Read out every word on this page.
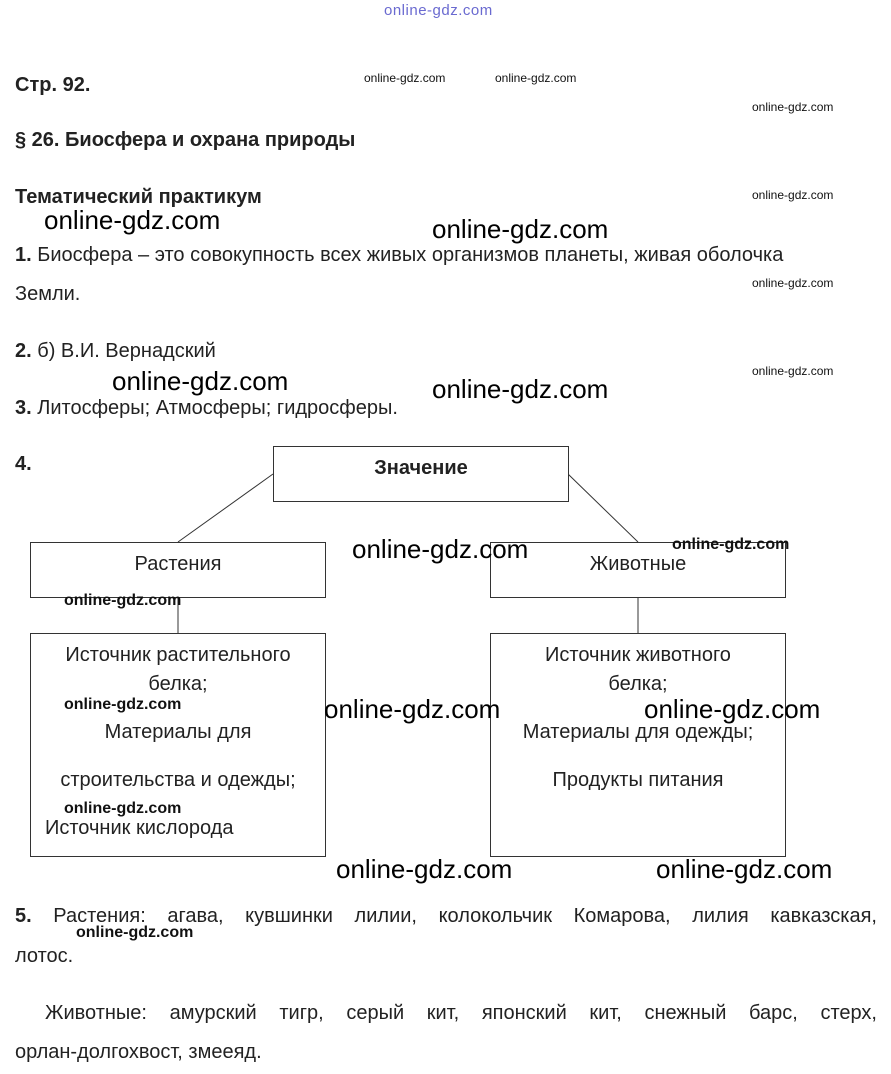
online-gdz.com
Стр. 92.
§ 26. Биосфера и охрана природы
Тематический практикум
1. Биосфера – это совокупность всех живых организмов планеты, живая оболочка
Земли.
2. б) В.И. Вернадский
3. Литосферы; Атмосферы; гидросферы.
4.	Значение
Растения	Животные
Источник растительного
белка;
Материалы для
строительства и одежды;
Источник кислорода
Источник животного
белка;
Материалы для одежды;
Продукты питания
5. Растения: агава, кувшинки лилии, колокольчик Комарова, лилия кавказская,
лотос.
Животные: амурский тигр, серый кит, японский кит, снежный барс, стерх,
орлан-долгохвост, змееяд.
online-gdz.com	online-gdz.com
online-gdz.com
online-gdz.com
online-gdz.com
online-gdz.com
online-gdz.com	online-gdz.com
online-gdz.com	online-gdz.com
online-gdz.com	online-gdz.com
online-gdz.com
online-gdz.com	online-gdz.com	online-gdz.com
online-gdz.com
online-gdz.com	online-gdz.com
online-gdz.com
